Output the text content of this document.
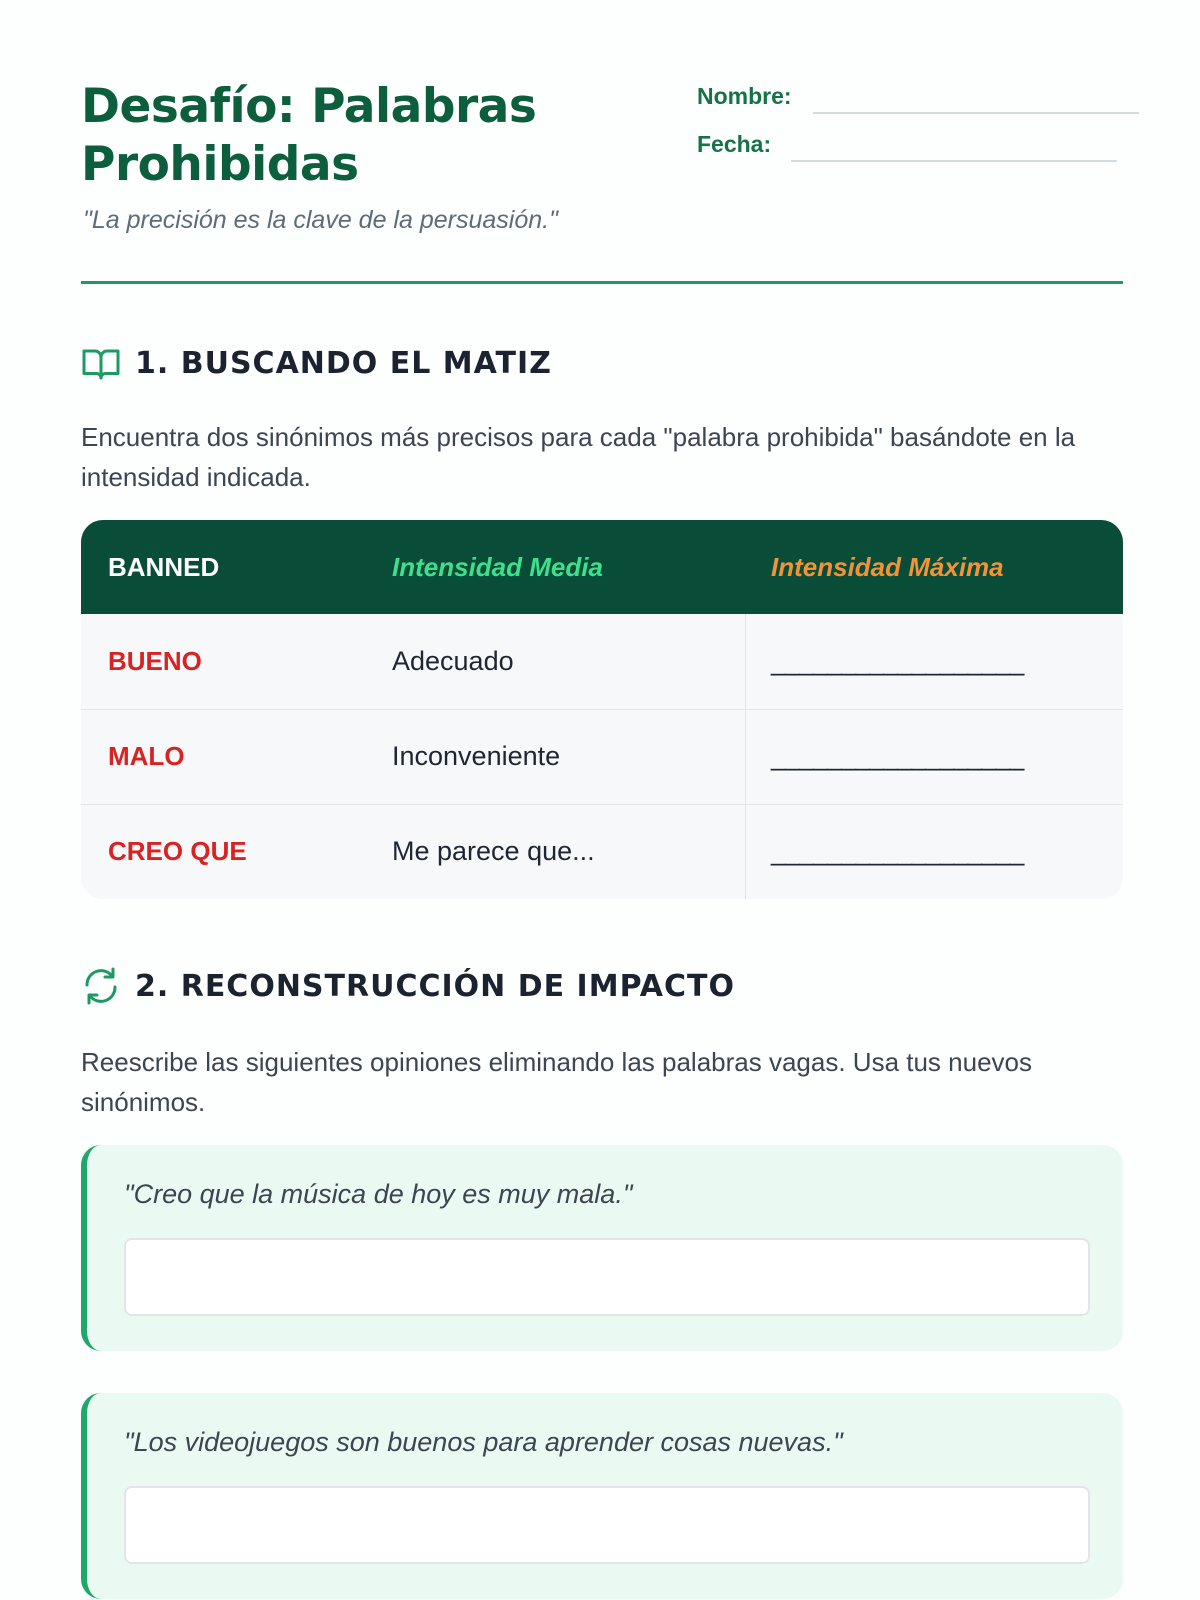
Desafío: Palabras Prohibidas
"La precisión es la clave de la persuasión."
Nombre:
Fecha:
1. BUSCANDO EL MATIZ

Encuentra dos sinónimos más precisos para cada "palabra prohibida" basándote en la intensidad indicada.

BANNED	Intensidad Media	Intensidad Máxima
BUENO	Adecuado	__________________
MALO	Inconveniente	__________________
CREO QUE	Me parece que...	__________________
2. RECONSTRUCCIÓN DE IMPACTO

Reescribe las siguientes opiniones eliminando las palabras vagas. Usa tus nuevos sinónimos.

"Creo que la música de hoy es muy mala."
"Los videojuegos son buenos para aprender cosas nuevas."
